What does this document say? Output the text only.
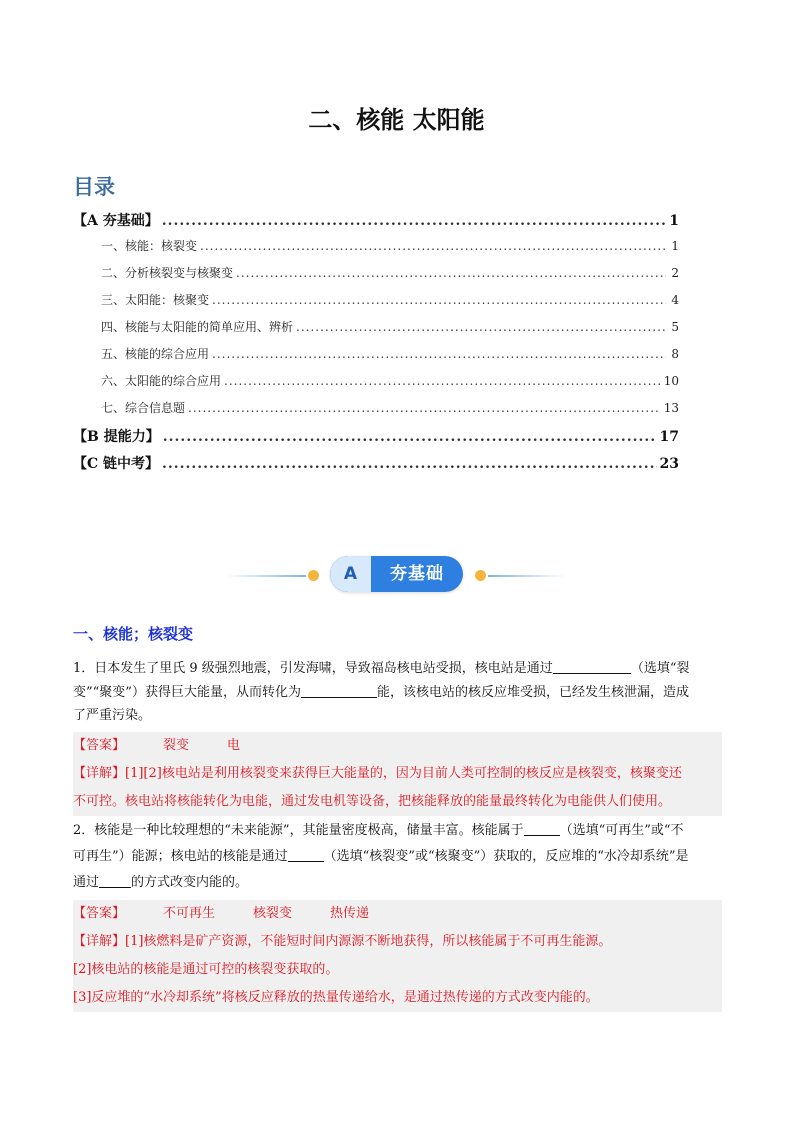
二、核能 太阳能
目录
【A 夯基础】 .....	1
一、核能：核裂变 .....	1
二、分析核裂变与核聚变 .....	2
三、太阳能：核聚变 .....	4
四、核能与太阳能的简单应用、辨析 .....	5
五、核能的综合应用 .....	8
六、太阳能的综合应用 .....	10
七、综合信息题 .....	13
【B 提能力】 .....	17
【C 链中考】 .....	23
A	夯基础
一、核能；核裂变

1．日本发生了里氏 9 级强烈地震，引发海啸，导致福岛核电站受损，核电站是通过	（选填“裂
变”“聚变”）获得巨大能量，从而转化为	能，该核电站的核反应堆受损，已经发生核泄漏，造成
了严重污染。

【答案】	裂变	电

【详解】[1][2]核电站是利用核裂变来获得巨大能量的，因为目前人类可控制的核反应是核裂变，核聚变还

不可控。核电站将核能转化为电能，通过发电机等设备，把核能释放的能量最终转化为电能供人们使用。

2．核能是一种比较理想的“未来能源”，其能量密度极高，储量丰富。核能属于	（选填“可再生”或“不
可再生”）能源；核电站的核能是通过	（选填“核裂变”或“核聚变”）获取的，反应堆的“水冷却系统”是
通过 的方式改变内能的。

【答案】	不可再生	核裂变	热传递

【详解】[1]核燃料是矿产资源，不能短时间内源源不断地获得，所以核能属于不可再生能源。

[2]核电站的核能是通过可控的核裂变获取的。

[3]反应堆的“水冷却系统”将核反应释放的热量传递给水，是通过热传递的方式改变内能的。
